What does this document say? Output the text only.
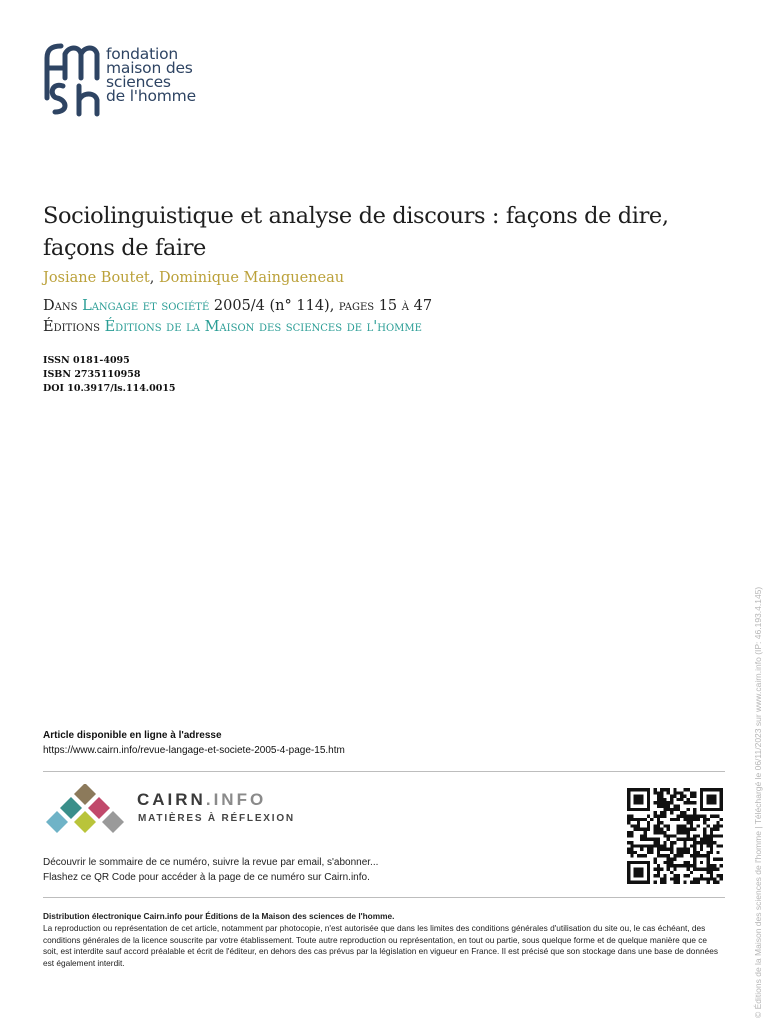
fondation
maison des
sciences
de l'homme
Sociolinguistique et analyse de discours : façons de dire, façons de faire
Josiane Boutet, Dominique Maingueneau
Dans Langage et société 2005/4 (n° 114), pages 15 à 47
Éditions Éditions de la Maison des sciences de l'homme
ISSN 0181-4095
ISBN 2735110958
DOI 10.3917/ls.114.0015
Article disponible en ligne à l'adresse
https://www.cairn.info/revue-langage-et-societe-2005-4-page-15.htm
CAIRN.INFO
MATIÈRES À RÉFLEXION
Découvrir le sommaire de ce numéro, suivre la revue par email, s'abonner...
Flashez ce QR Code pour accéder à la page de ce numéro sur Cairn.info.
Distribution électronique Cairn.info pour Éditions de la Maison des sciences de l'homme.
La reproduction ou représentation de cet article, notamment par photocopie, n'est autorisée que dans les limites des conditions générales d'utilisation du site ou, le cas échéant, des conditions générales de la licence souscrite par votre établissement. Toute autre reproduction ou représentation, en tout ou partie, sous quelque forme et de quelque manière que ce soit, est interdite sauf accord préalable et écrit de l'éditeur, en dehors des cas prévus par la législation en vigueur en France. Il est précisé que son stockage dans une base de données est également interdit.	© Éditions de la Maison des sciences de l'homme | Téléchargé le 06/11/2023 sur www.cairn.info (IP: 46.193.4.145)
